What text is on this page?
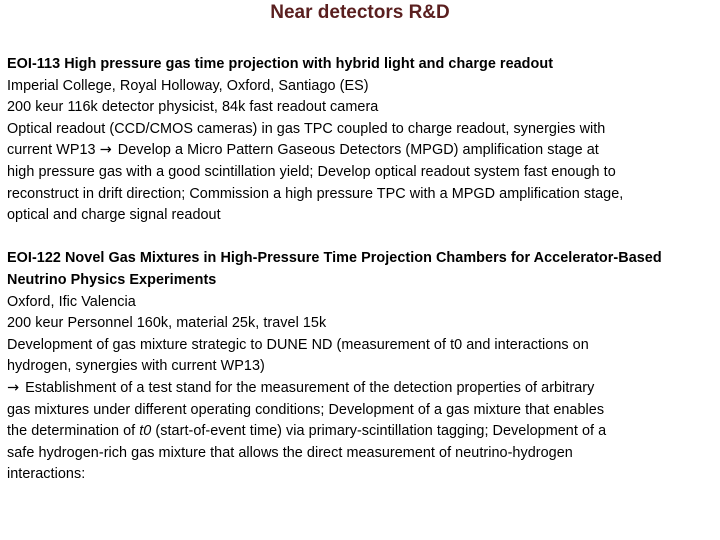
Near detectors R&D
EOI-113 High pressure gas time projection with hybrid light and charge readout
Imperial College, Royal Holloway, Oxford, Santiago (ES)
200 keur 116k detector physicist, 84k fast readout camera
Optical readout (CCD/CMOS cameras) in gas TPC coupled to charge readout, synergies with
current WP13 → Develop a Micro Pattern Gaseous Detectors (MPGD) amplification stage at
high pressure gas with a good scintillation yield; Develop optical readout system fast enough to
reconstruct in drift direction; Commission a high pressure TPC with a MPGD amplification stage,
optical and charge signal readout
EOI-122 Novel Gas Mixtures in High-Pressure Time Projection Chambers for Accelerator-Based
Neutrino Physics Experiments
Oxford, Ific Valencia
200 keur Personnel 160k, material 25k, travel 15k
Development of gas mixture strategic to DUNE ND (measurement of t0 and interactions on
hydrogen, synergies with current WP13)
→ Establishment of a test stand for the measurement of the detection properties of arbitrary
gas mixtures under different operating conditions; Development of a gas mixture that enables
the determination of t0 (start-of-event time) via primary-scintillation tagging; Development of a
safe hydrogen-rich gas mixture that allows the direct measurement of neutrino-hydrogen
interactions:
